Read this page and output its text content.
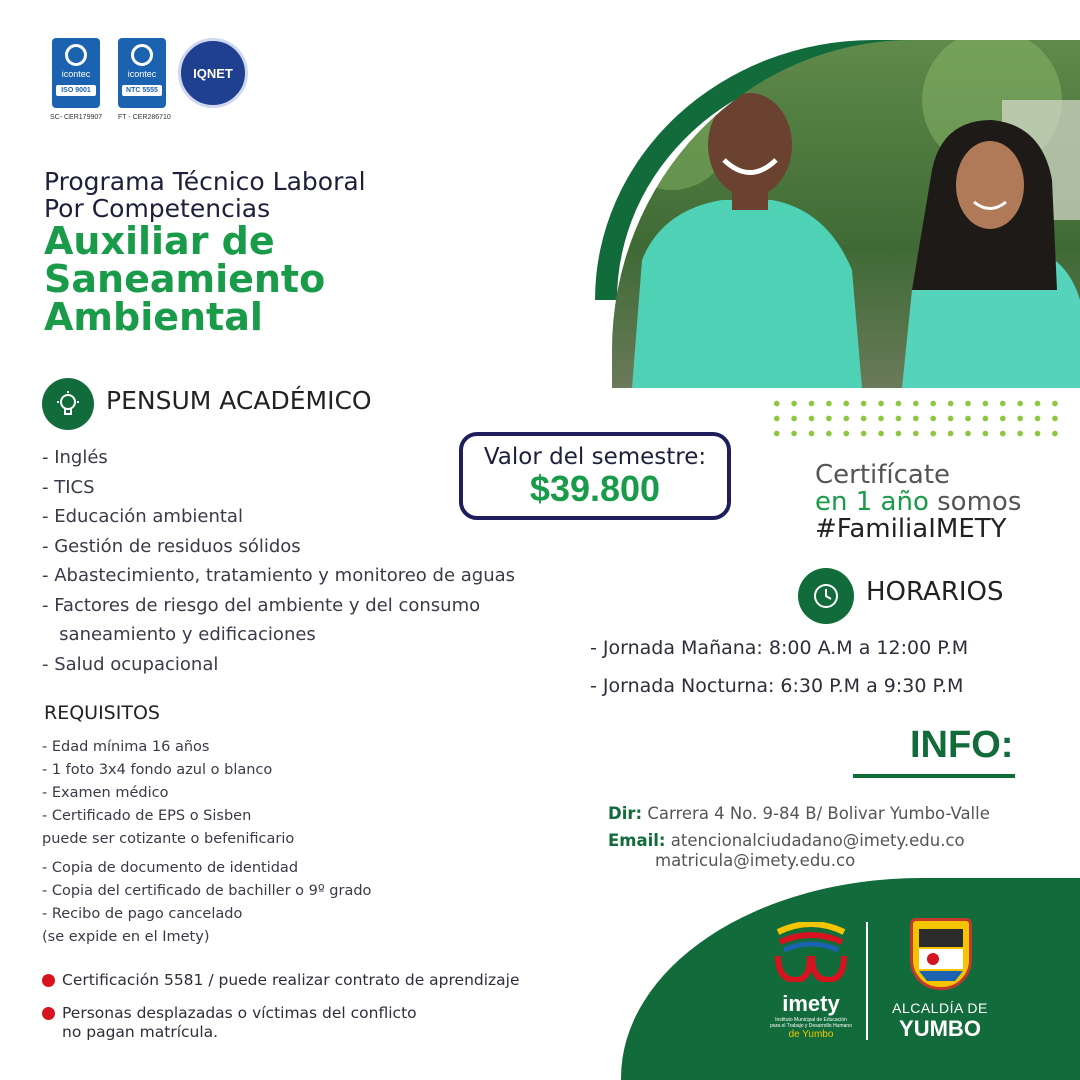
icontec
ISO 9001
SC- CER179907
icontec
NTC 5555
FT - CER286710
IQNET
Programa Técnico Laboral
Por Competencias
Auxiliar de
Saneamiento
Ambiental
PENSUM ACADÉMICO
- Inglés
- TICS
- Educación ambiental
- Gestión de residuos sólidos
- Abastecimiento, tratamiento y monitoreo de aguas
- Factores de riesgo del ambiente y del consumo
saneamiento y edificaciones
- Salud ocupacional
Valor del semestre:
$39.800	Certifícate
en 1 año somos
#FamiliaIMETY
HORARIOS
- Jornada Mañana: 8:00 A.M a 12:00 P.M
- Jornada Nocturna: 6:30 P.M a 9:30 P.M
REQUISITOS
- Edad mínima 16 años
- 1 foto 3x4 fondo azul o blanco
- Examen médico
- Certificado de EPS o Sisben
puede ser cotizante o befenificario
- Copia de documento de identidad
- Copia del certificado de bachiller o 9º grado
- Recibo de pago cancelado
(se expide en el Imety)
Certificación 5581 / puede realizar contrato de aprendizaje
Personas desplazadas o víctimas del conflicto
no pagan matrícula.
INFO:
Dir: Carrera 4 No. 9-84 B/ Bolivar Yumbo-Valle
Email: atencionalciudadano@imety.edu.co
matricula@imety.edu.co
imety
Instituto Municipal de Educación para el Trabajo y Desarrollo Humano
de Yumbo
ALCALDÍA DE
YUMBO
